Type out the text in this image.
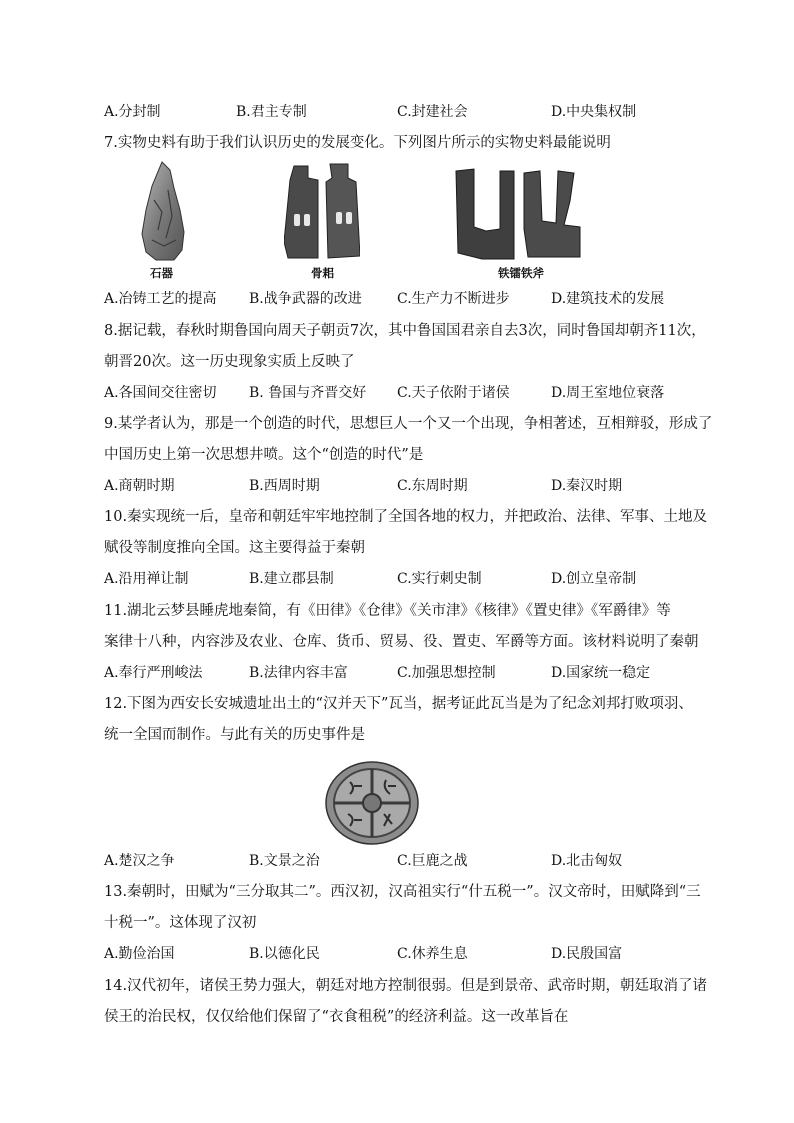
A.分封制	B.君主专制	C.封建社会	D.中央集权制
7.实物史料有助于我们认识历史的发展变化。下列图片所示的实物史料最能说明
石器	骨耜	铁镭铁斧
A.冶铸工艺的提高 B.战争武器的改进	C.生产力不断进步	D.建筑技术的发展
8.据记载，春秋时期鲁国向周天子朝贡7次，其中鲁国国君亲自去3次，同时鲁国却朝齐11次，
朝晋20次。这一历史现象实质上反映了
A.各国间交往密切 B. 鲁国与齐晋交好 C.天子依附于诸侯	D.周王室地位衰落
9.某学者认为，那是一个创造的时代，思想巨人一个又一个出现，争相著述，互相辩驳，形成了
中国历史上第一次思想井喷。这个“创造的时代”是
A.商朝时期	B.西周时期	C.东周时期	D.秦汉时期
10.秦实现统一后，皇帝和朝廷牢牢地控制了全国各地的权力，并把政治、法律、军事、土地及
赋役等制度推向全国。这主要得益于秦朝
A.沿用禅让制	B.建立郡县制	C.实行刺史制	D.创立皇帝制
11.湖北云梦县睡虎地秦简，有《田律》《仓律》《关市津》《核律》《置史律》《军爵律》等
案律十八种，内容涉及农业、仓库、货币、贸易、役、置吏、军爵等方面。该材料说明了秦朝
A.奉行严刑峻法	B.法律内容丰富	C.加强思想控制	D.国家统一稳定
12.下图为西安长安城遗址出土的“汉并天下”瓦当，据考证此瓦当是为了纪念刘邦打败项羽、
统一全国而制作。与此有关的历史事件是
A.楚汉之争	B.文景之治	C.巨鹿之战	D.北击匈奴
13.秦朝时，田赋为“三分取其二”。西汉初，汉高祖实行“什五税一”。汉文帝时，田赋降到“三
十税一”。这体现了汉初
A.勤俭治国	B.以德化民	C.休养生息	D.民殷国富
14.汉代初年，诸侯王势力强大，朝廷对地方控制很弱。但是到景帝、武帝时期，朝廷取消了诸
侯王的治民权，仅仅给他们保留了“衣食租税”的经济利益。这一改革旨在
